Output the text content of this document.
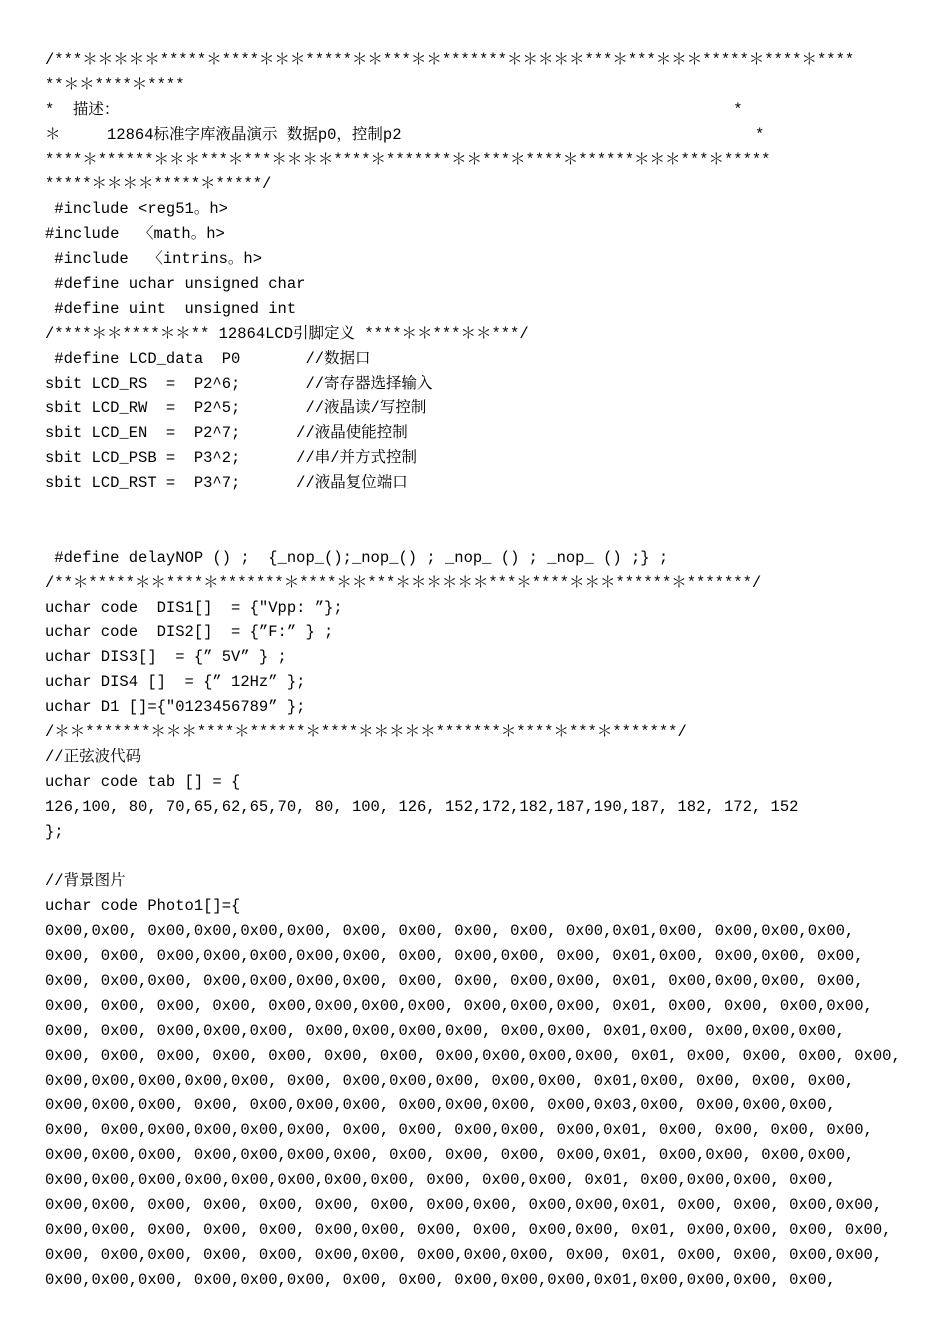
/***＊＊＊＊＊*****＊****＊＊＊*****＊＊***＊＊*******＊＊＊＊＊***＊***＊＊＊*****＊****＊****
**＊＊****＊****
*  描述：                                                                  *
＊     12864标准字库液晶演示 数据p0，控制p2                                      *
****＊******＊＊＊***＊***＊＊＊＊****＊*******＊＊***＊****＊******＊＊＊***＊*****
*****＊＊＊＊*****＊*****/
#include <reg51。h>
#include  〈math。h>
#include  〈intrins。h>
#define uchar unsigned char
#define uint  unsigned int
/****＊＊****＊＊** 12864LCD引脚定义 ****＊＊***＊＊***/
#define LCD_data  P0       //数据口
sbit LCD_RS  =  P2^6;       //寄存器选择输入
sbit LCD_RW  =  P2^5;       //液晶读/写控制
sbit LCD_EN  =  P2^7;      //液晶使能控制
sbit LCD_PSB =  P3^2;      //串/并方式控制
sbit LCD_RST =  P3^7;      //液晶复位端口
#define delayNOP () ;  {_nop_();_nop_() ; _nop_ () ; _nop_ () ;} ;
/**＊*****＊＊****＊*******＊****＊＊***＊＊＊＊＊＊***＊****＊＊＊******＊*******/
uchar code  DIS1[]  = {"Vpp: ”};
uchar code  DIS2[]  = {”F:” } ;
uchar DIS3[]  = {” 5V” } ;
uchar DIS4 []  = {” 12Hz” };
uchar D1 []={"0123456789” };
/＊＊*******＊＊＊****＊******＊****＊＊＊＊＊*******＊****＊***＊*******/
//正弦波代码
uchar code tab [] = {
126,100, 80, 70,65,62,65,70, 80, 100, 126, 152,172,182,187,190,187, 182, 172, 152
};
//背景图片
uchar code Photo1[]={
0x00,0x00, 0x00,0x00,0x00,0x00, 0x00, 0x00, 0x00, 0x00, 0x00,0x01,0x00, 0x00,0x00,0x00,
0x00, 0x00, 0x00,0x00,0x00,0x00,0x00, 0x00, 0x00,0x00, 0x00, 0x01,0x00, 0x00,0x00, 0x00,
0x00, 0x00,0x00, 0x00,0x00,0x00,0x00, 0x00, 0x00, 0x00,0x00, 0x01, 0x00,0x00,0x00, 0x00,
0x00, 0x00, 0x00, 0x00, 0x00,0x00,0x00,0x00, 0x00,0x00,0x00, 0x01, 0x00, 0x00, 0x00,0x00,
0x00, 0x00, 0x00,0x00,0x00, 0x00,0x00,0x00,0x00, 0x00,0x00, 0x01,0x00, 0x00,0x00,0x00,
0x00, 0x00, 0x00, 0x00, 0x00, 0x00, 0x00, 0x00,0x00,0x00,0x00, 0x01, 0x00, 0x00, 0x00, 0x00,
0x00,0x00,0x00,0x00,0x00, 0x00, 0x00,0x00,0x00, 0x00,0x00, 0x01,0x00, 0x00, 0x00, 0x00,
0x00,0x00,0x00, 0x00, 0x00,0x00,0x00, 0x00,0x00,0x00, 0x00,0x03,0x00, 0x00,0x00,0x00,
0x00, 0x00,0x00,0x00,0x00,0x00, 0x00, 0x00, 0x00,0x00, 0x00,0x01, 0x00, 0x00, 0x00, 0x00,
0x00,0x00,0x00, 0x00,0x00,0x00,0x00, 0x00, 0x00, 0x00, 0x00,0x01, 0x00,0x00, 0x00,0x00,
0x00,0x00,0x00,0x00,0x00,0x00,0x00,0x00, 0x00, 0x00,0x00, 0x01, 0x00,0x00,0x00, 0x00,
0x00,0x00, 0x00, 0x00, 0x00, 0x00, 0x00, 0x00,0x00, 0x00,0x00,0x01, 0x00, 0x00, 0x00,0x00,
0x00,0x00, 0x00, 0x00, 0x00, 0x00,0x00, 0x00, 0x00, 0x00,0x00, 0x01, 0x00,0x00, 0x00, 0x00,
0x00, 0x00,0x00, 0x00, 0x00, 0x00,0x00, 0x00,0x00,0x00, 0x00, 0x01, 0x00, 0x00, 0x00,0x00,
0x00,0x00,0x00, 0x00,0x00,0x00, 0x00, 0x00, 0x00,0x00,0x00,0x01,0x00,0x00,0x00, 0x00,
